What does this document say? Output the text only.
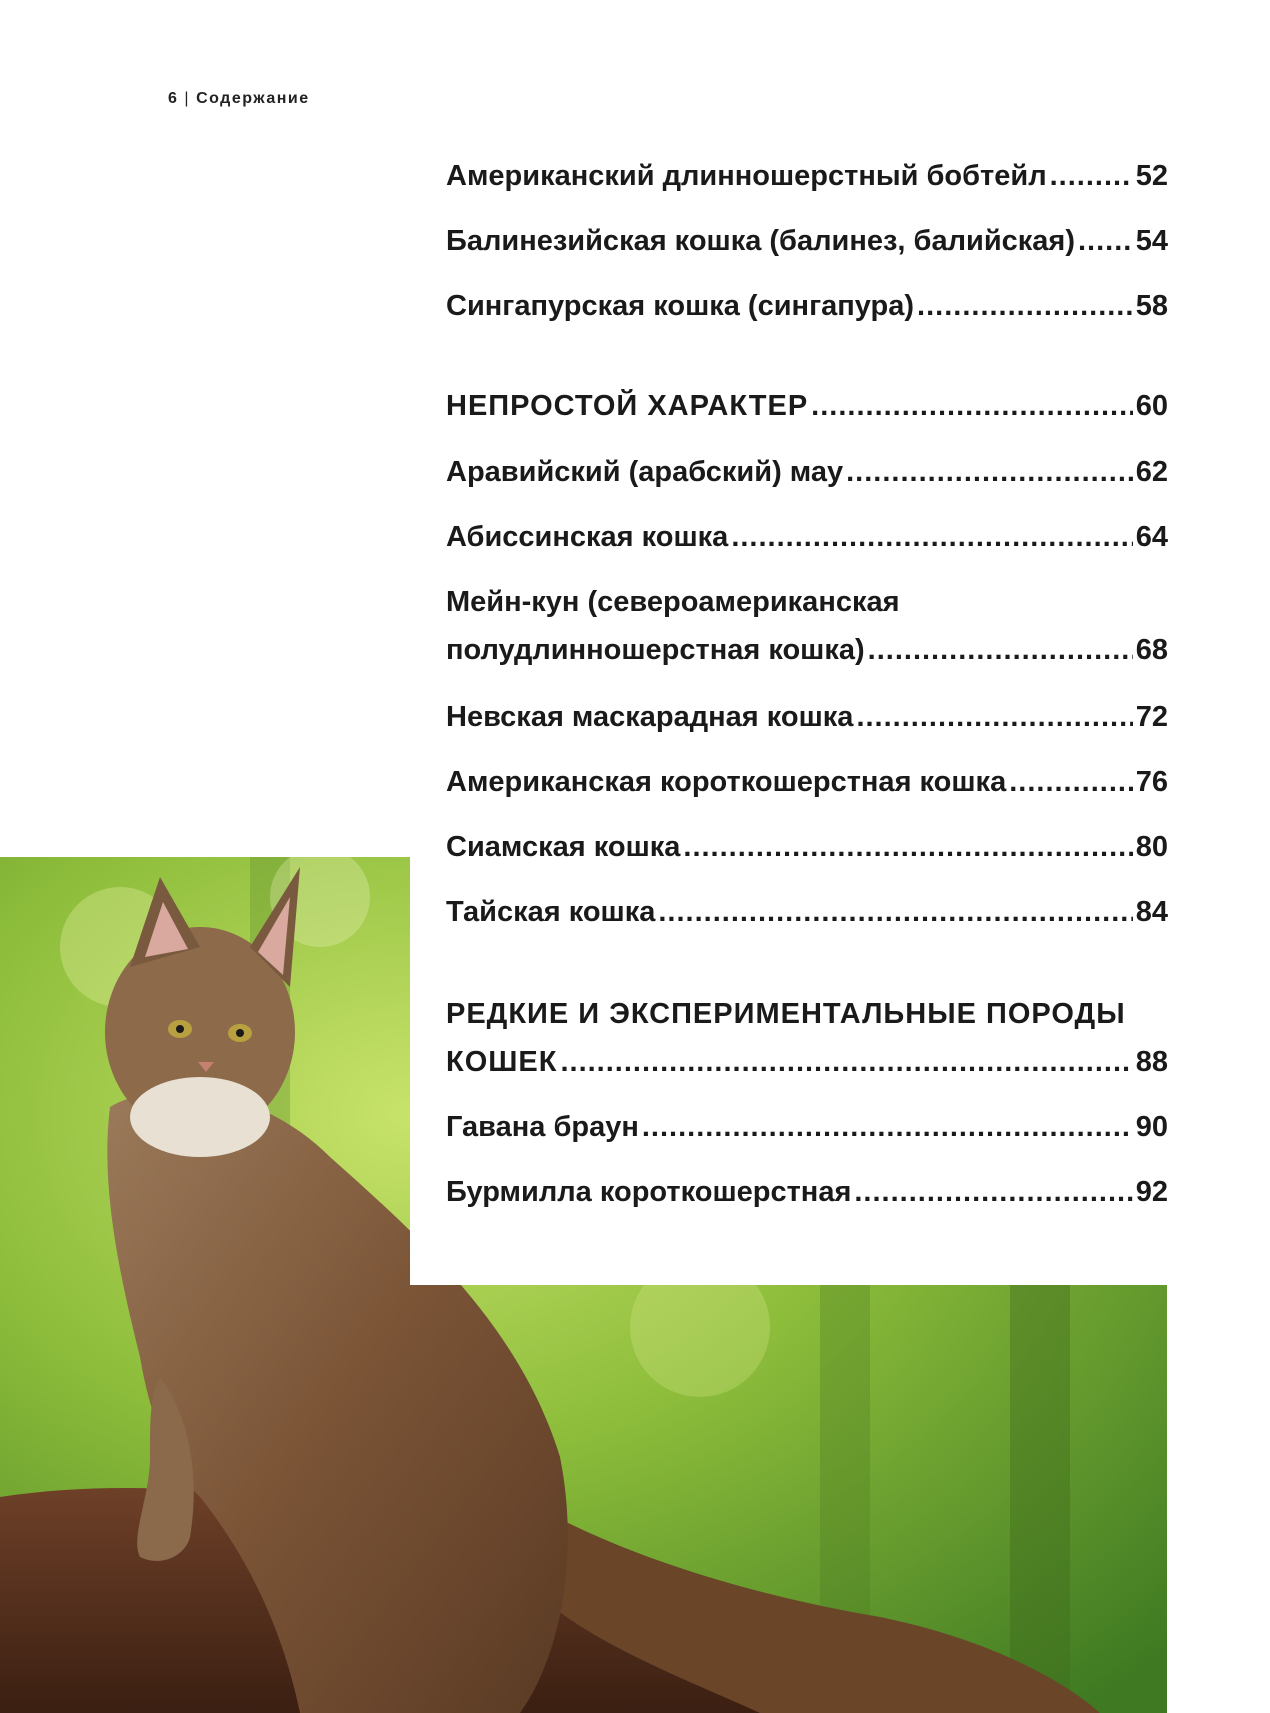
6 | Содержание
Американский длинношерстный бобтейл .....	52
Балинезийская кошка (балинез, балийская) ..... 54
Сингапурская кошка (сингапура) .....	58
НЕПРОСТОЙ ХАРАКТЕР .....	60
Аравийский (арабский) мау .....	62
Абиссинская кошка .....	64
Мейн-кун (североамериканская
полудлинношерстная кошка) .....	68
Невская маскарадная кошка .....	72
Американская короткошерстная кошка .....	76
Сиамская кошка .....	80
Тайская кошка .....	84
РЕДКИЕ И ЭКСПЕРИМЕНТАЛЬНЫЕ ПОРОДЫ
КОШЕК .....	88
Гавана браун .....	90
Бурмилла короткошерстная .....	92
